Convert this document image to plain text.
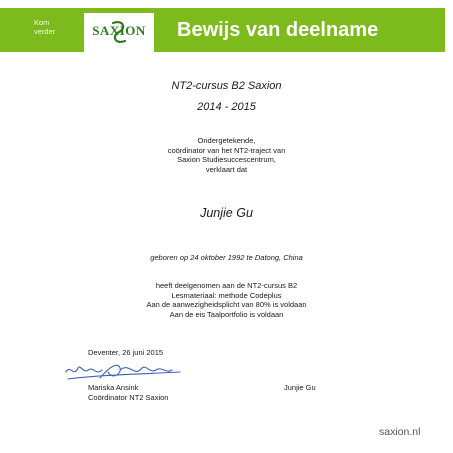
Kom
verder	SAXION	Bewijs van deelname
NT2-cursus B2 Saxion
2014 - 2015
Ondergetekende,
coördinator van het NT2-traject van
Saxion Studiesuccescentrum,
verklaart dat
Junjie Gu
geboren op 24 oktober 1992 te Datong, China
heeft deelgenomen aan de NT2-cursus B2
Lesmateriaal: methode Codeplus
Aan de aanwezigheidsplicht van 80% is voldaan
Aan de eis Taalportfolio is voldaan
Deventer, 26 juni 2015
Mariska Ansink
Coördinator NT2 Saxion
Junjie Gu
saxion.nl
